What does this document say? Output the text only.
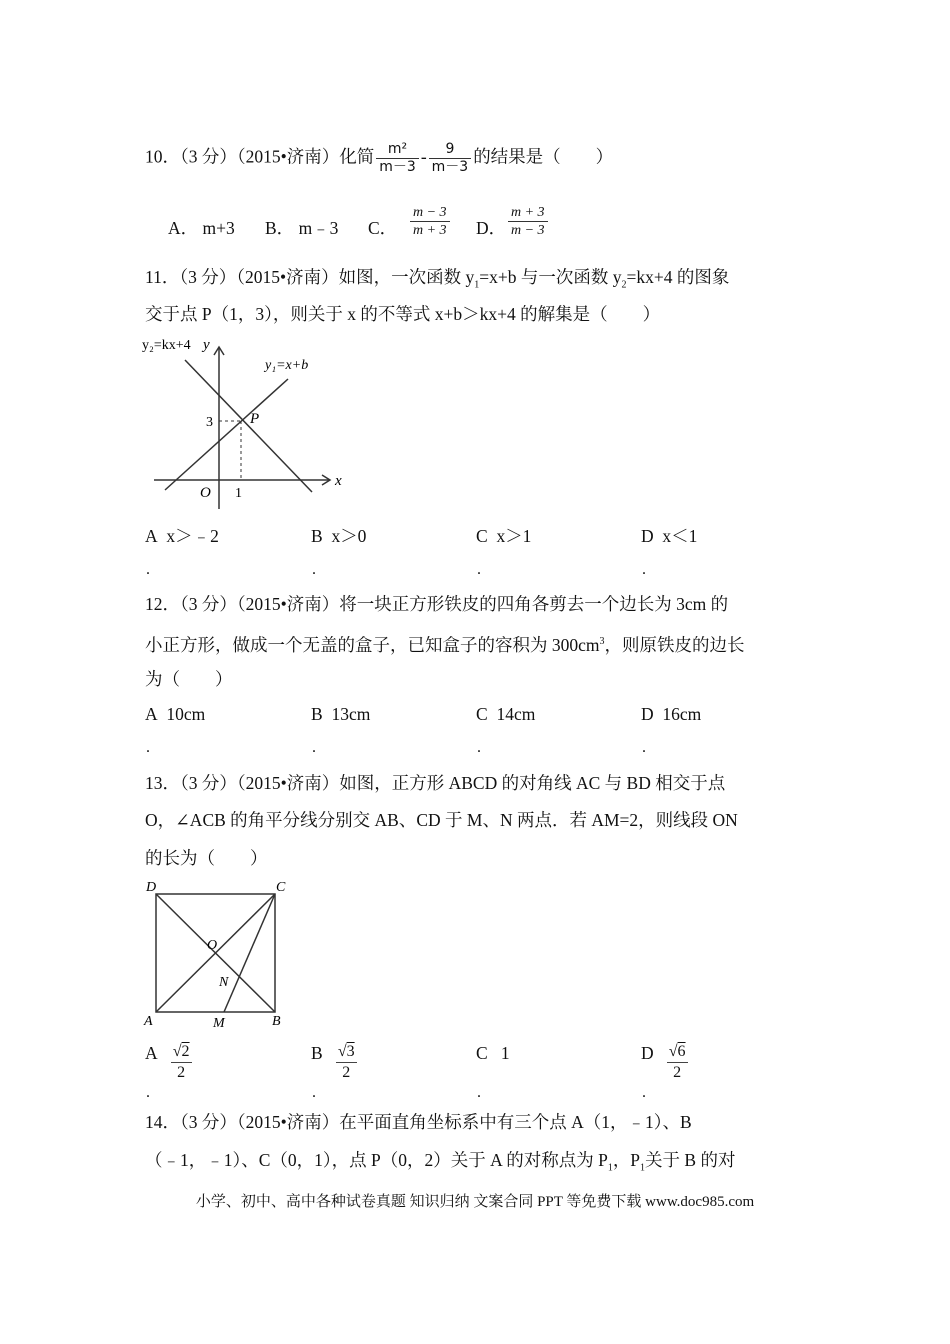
10．（3 分）（2015•济南）化简 $\frac{\text{m²}}{m-3} - \frac{9}{m-3}$ 的结果是（　　）
A． m+3 B． m﹣3 C． $\frac{m - 3}{m + 3}$ D． $\frac{m + 3}{m - 3}$
11．（3 分）（2015•济南）如图，一次函数 $y_1=x+b$ 与一次函数 $y_2=kx+4$ 的图象
交于点 P（1，3），则关于 x 的不等式 x+b＞kx+4 的解集是（　　）
y₂=kx+4 y
y₁=x+b
x
O 1
3 P
A x＞﹣2	B x＞0	C x＞1	D x＜1
.	.	.	.
12．（3 分）（2015•济南）将一块正方形铁皮的四角各剪去一个边长为 3cm 的
小正方形，做成一个无盖的盒子，已知盒子的容积为 $300cm^3$，则原铁皮的边长
为（　　）
A 10cm	B 13cm	C 14cm	D 16cm
.	.	.	.
13．（3 分）（2015•济南）如图，正方形 ABCD 的对角线 AC 与 BD 相交于点
O，∠ACB 的角平分线分别交 AB、CD 于 M、N 两点．若 AM=2，则线段 ON
的长为（　　）
D	C
A	B
O
N
M
A $\frac{√2}{2}$	B $\frac{√3}{2}$	C 1	D $\frac{√6}{2}$
.	.	.	.
14．（3 分）（2015•济南）在平面直角坐标系中有三个点 A（1，﹣1）、B
（﹣1，﹣1）、C（0，1），点 P（0，2）关于 A 的对称点为 $P_1$，$P_1$关于 B 的对
小学、初中、高中各种试卷真题 知识归纳 文案合同 PPT 等免费下载 www.doc985.com
